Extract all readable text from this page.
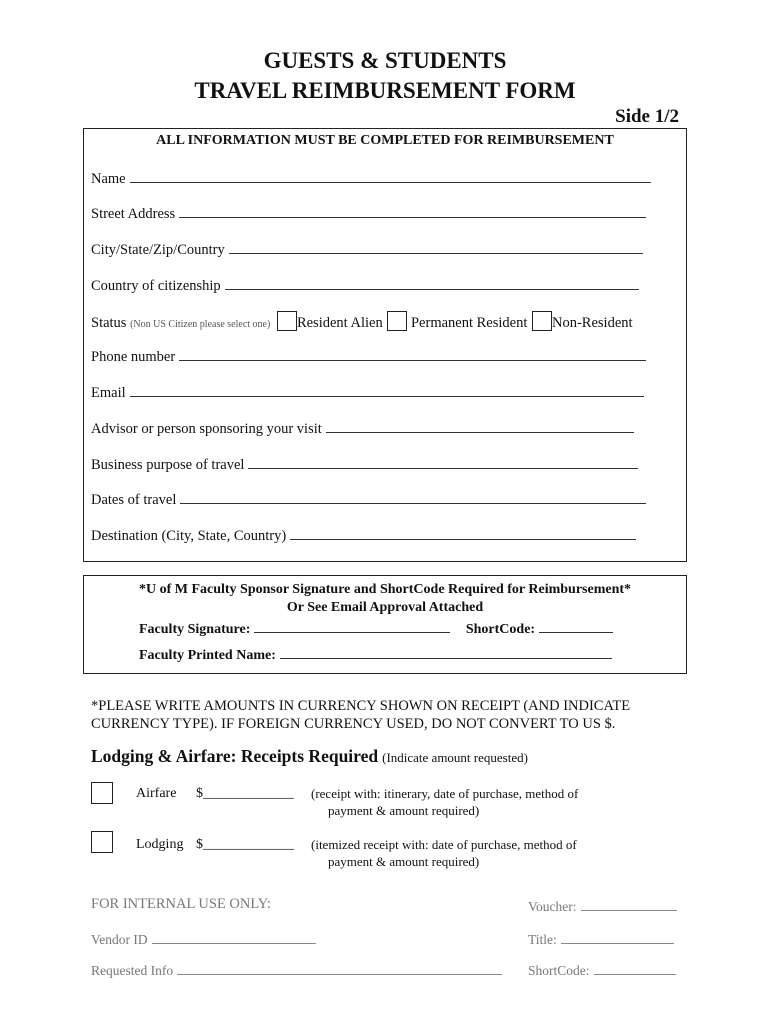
GUESTS & STUDENTS
TRAVEL REIMBURSEMENT FORM
Side 1/2
ALL INFORMATION MUST BE COMPLETED FOR REIMBURSEMENT
Name
Street Address
City/State/Zip/Country
Country of citizenship
Status (Non US Citizen please select one) Resident Alien Permanent Resident Non-Resident
Phone number
Email
Advisor or person sponsoring your visit
Business purpose of travel
Dates of travel
Destination (City, State, Country)
*U of M Faculty Sponsor Signature and ShortCode Required for Reimbursement*
Or See Email Approval Attached
Faculty Signature:	ShortCode:
Faculty Printed Name:
*PLEASE WRITE AMOUNTS IN CURRENCY SHOWN ON RECEIPT (AND INDICATE
CURRENCY TYPE). IF FOREIGN CURRENCY USED, DO NOT CONVERT TO US $.
Lodging & Airfare: Receipts Required (Indicate amount requested)
Airfare $_____________ (receipt with: itinerary, date of purchase, method of
payment & amount required)
Lodging $_____________ (itemized receipt with: date of purchase, method of
payment & amount required)
FOR INTERNAL USE ONLY:	Voucher:
Vendor ID	Title:
Requested Info	ShortCode:
